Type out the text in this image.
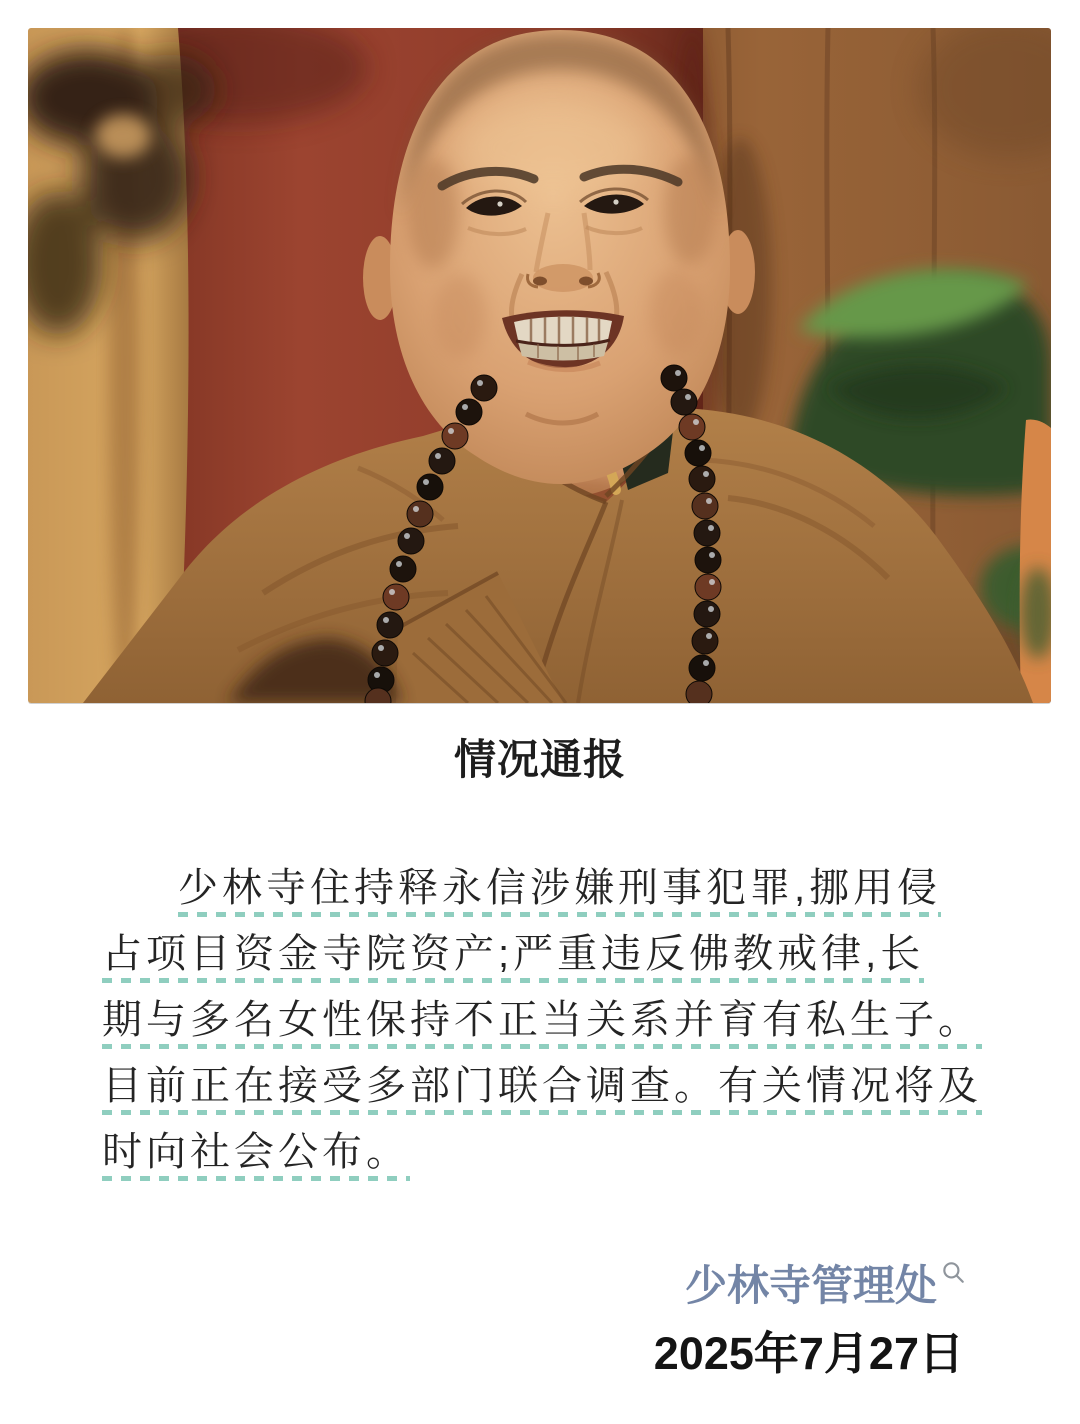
情况通报
少林寺住持释永信涉嫌刑事犯罪,挪用侵
占项目资金寺院资产;严重违反佛教戒律,长
期与多名女性保持不正当关系并育有私生子。
目前正在接受多部门联合调查。有关情况将及
时向社会公布。
少林寺管理处
2025年7月27日
